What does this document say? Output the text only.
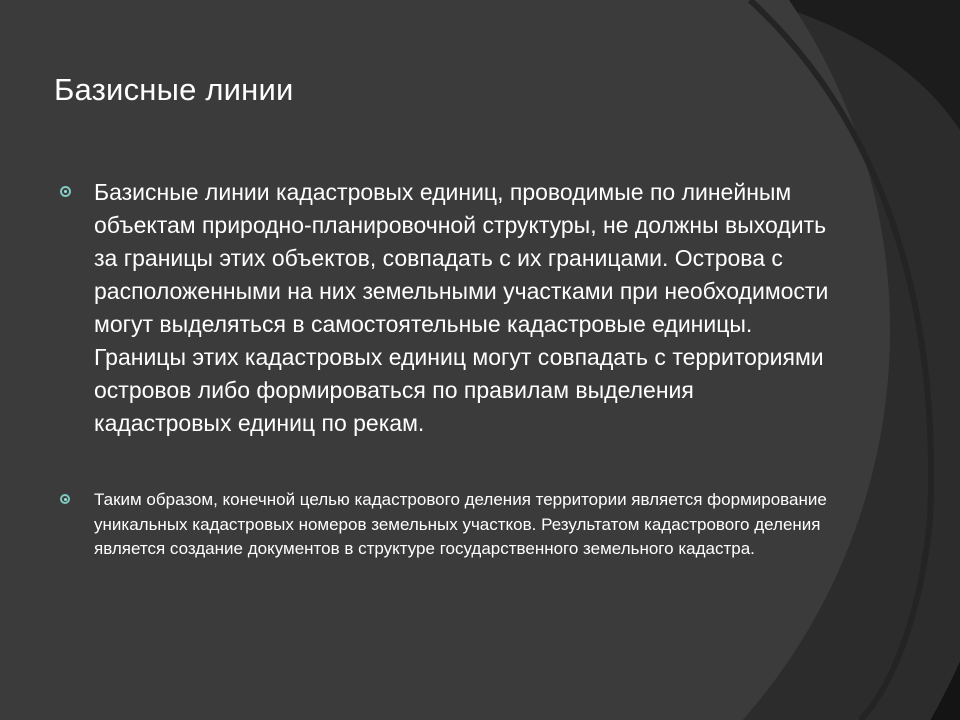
Базисные линии
Базисные линии кадастровых единиц, проводимые по линейным объектам природно-планировочной структуры, не должны выходить за границы этих объектов, совпадать с их границами. Острова с расположенными на них земельными участками при необходимости могут выделяться в самостоятельные кадастровые единицы. Границы этих кадастровых единиц могут совпадать с территориями островов либо формироваться по правилам выделения кадастровых единиц по рекам.
Таким образом, конечной целью кадастрового деления территории является формирование уникальных кадастровых номеров земельных участков. Результатом кадастрового деления является создание документов в структуре государственного земельного кадастра.
